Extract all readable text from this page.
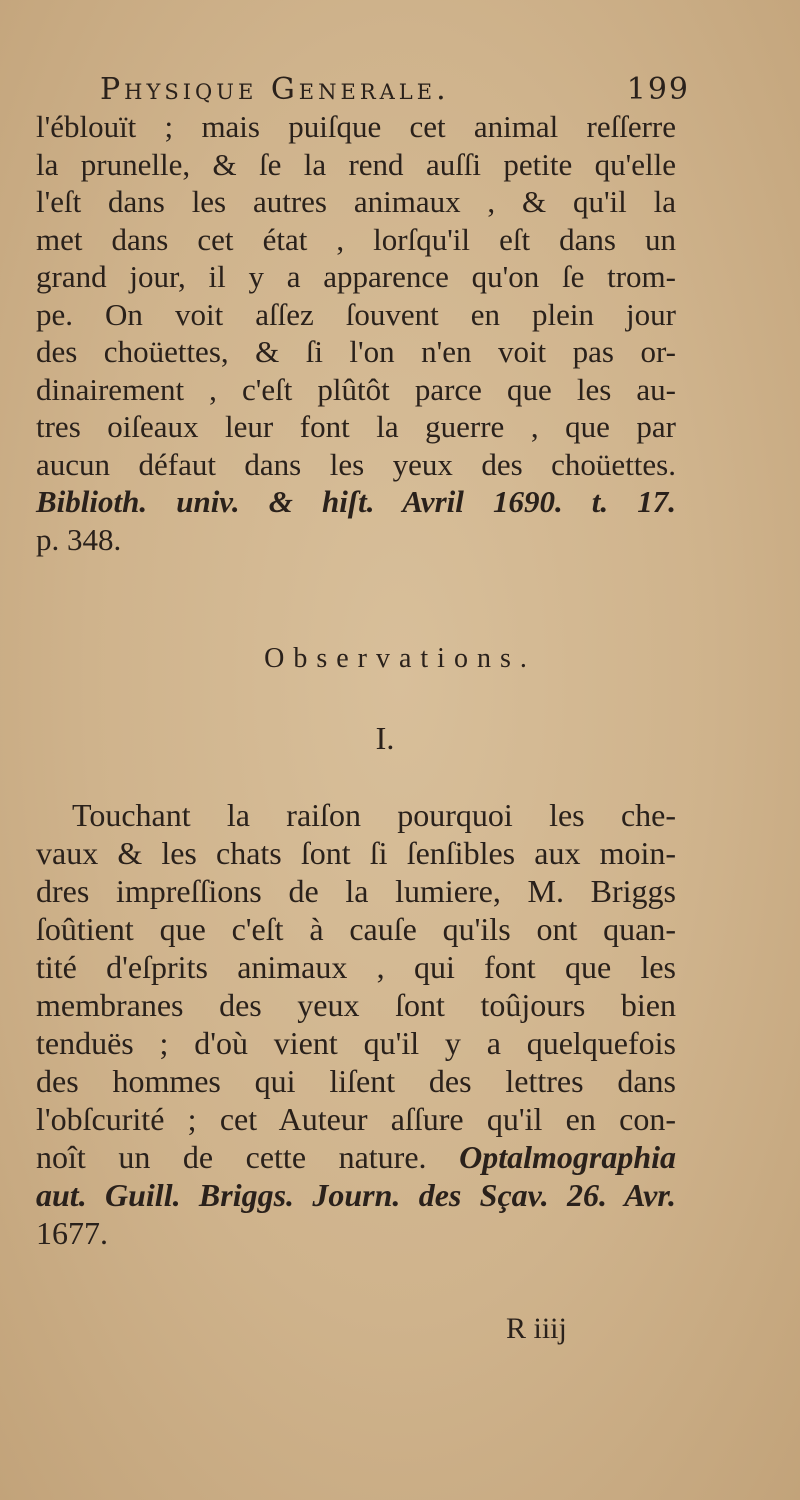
Physique Generale.	199
l'éblouït ; mais puiſque cet animal reſſerre
la prunelle, & ſe la rend auſſi petite qu'elle
l'eſt dans les autres animaux , & qu'il la
met dans cet état , lorſqu'il eſt dans un
grand jour, il y a apparence qu'on ſe trom-
pe. On voit aſſez ſouvent en plein jour
des choüettes, & ſi l'on n'en voit pas or-
dinairement , c'eſt plûtôt parce que les au-
tres oiſeaux leur font la guerre , que par
aucun défaut dans les yeux des choüettes.
Biblioth. univ. & hiſt. Avril 1690. t. 17.
p. 348.
Observations.
I.
Touchant la raiſon pourquoi les che-
vaux & les chats ſont ſi ſenſibles aux moin-
dres impreſſions de la lumiere, M. Briggs
ſoûtient que c'eſt à cauſe qu'ils ont quan-
tité d'eſprits animaux , qui font que les
membranes des yeux ſont toûjours bien
tenduës ; d'où vient qu'il y a quelquefois
des hommes qui liſent des lettres dans
l'obſcurité ; cet Auteur aſſure qu'il en con-
noît un de cette nature. Optalmographia
aut. Guill. Briggs. Journ. des Sçav. 26. Avr.
1677.
R iiij
